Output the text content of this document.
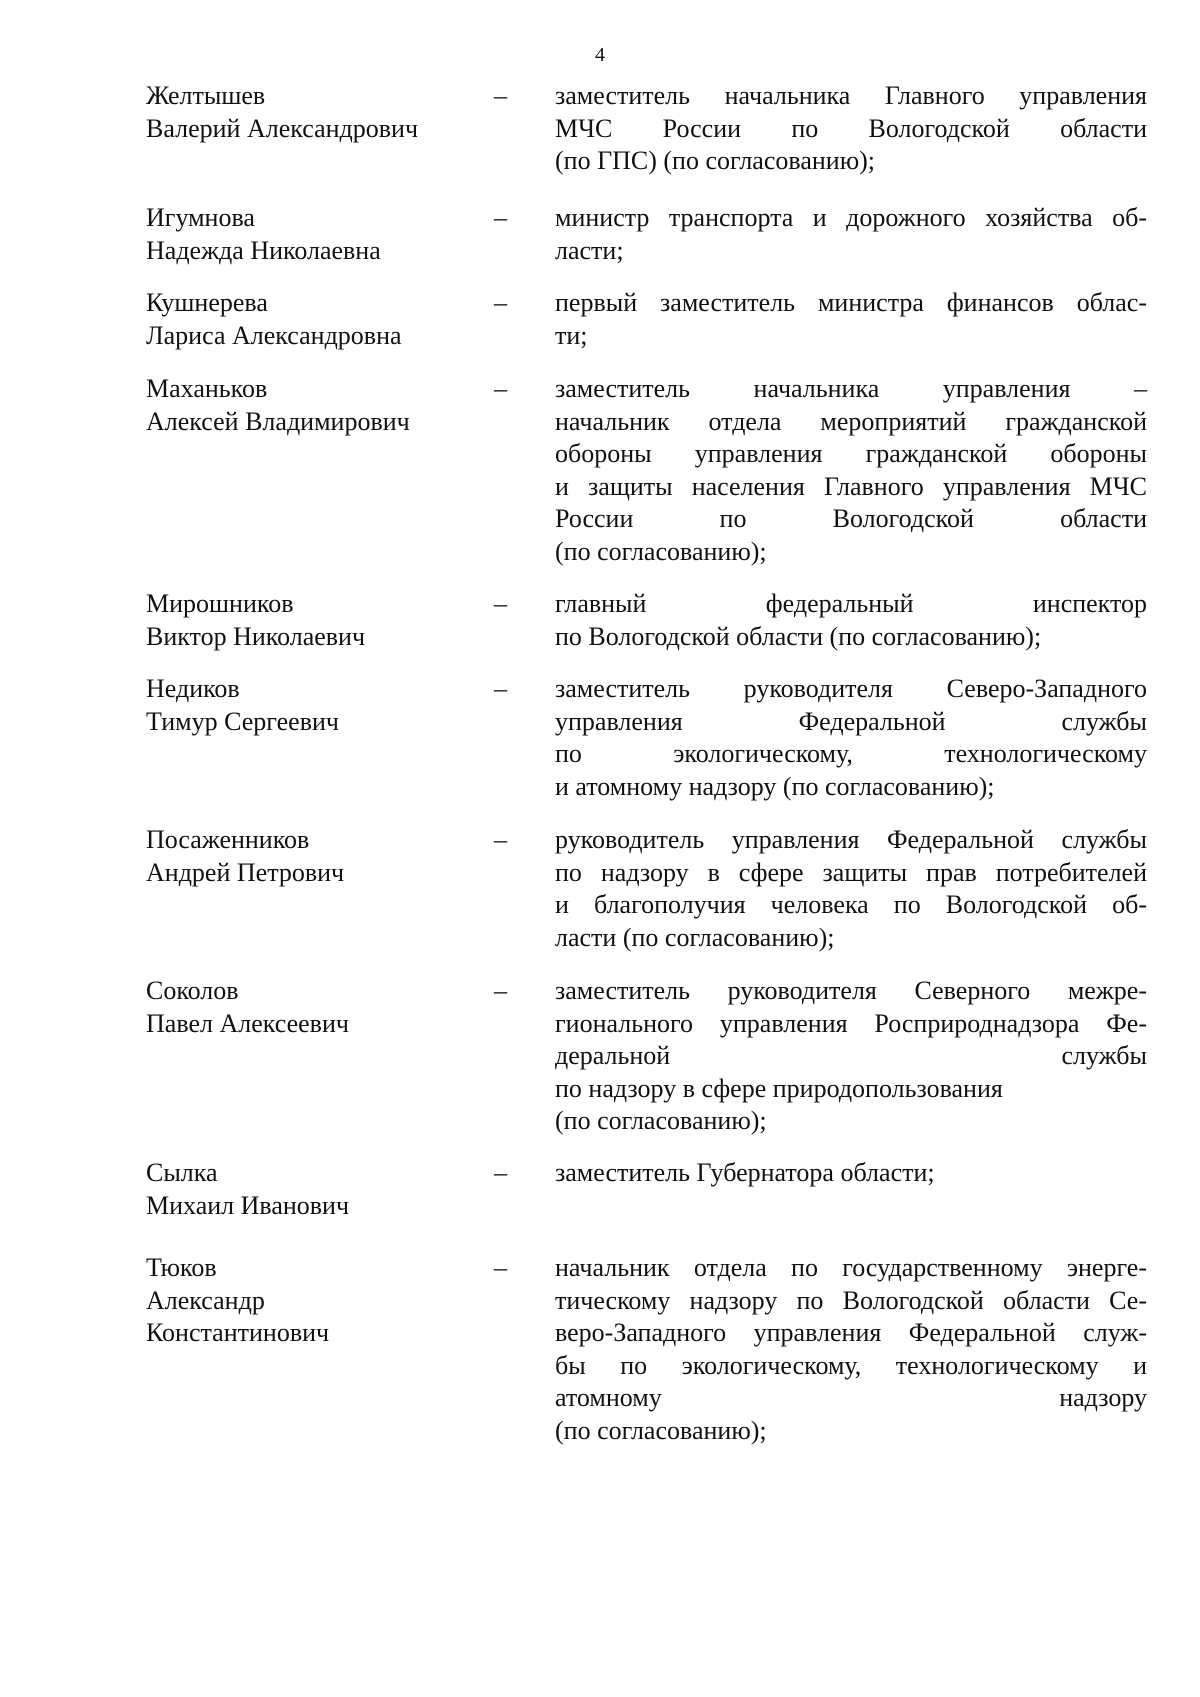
4
Желтышев
Валерий Александрович
– заместитель начальника Главного управления
МЧС России по Вологодской области
(по ГПС) (по согласованию);
Игумнова
Надежда Николаевна
– министр транспорта и дорожного хозяйства об-
ласти;
Кушнерева
Лариса Александровна
– первый заместитель министра финансов облас-
ти;
Маханьков
Алексей Владимирович
– заместитель начальника управления –
начальник отдела мероприятий гражданской
обороны управления гражданской обороны
и защиты населения Главного управления МЧС
России по Вологодской области
(по согласованию);
Мирошников
Виктор Николаевич
– главный федеральный инспектор
по Вологодской области (по согласованию);
Недиков
Тимур Сергеевич
– заместитель руководителя Северо-Западного
управления Федеральной службы
по экологическому, технологическому
и атомному надзору (по согласованию);
Посаженников
Андрей Петрович
– руководитель управления Федеральной службы
по надзору в сфере защиты прав потребителей
и благополучия человека по Вологодской об-
ласти (по согласованию);
Соколов
Павел Алексеевич
– заместитель руководителя Северного межре-
гионального управления Росприроднадзора Фе-
деральной службы
по надзору в сфере природопользования
(по согласованию);
Сылка
Михаил Иванович
– заместитель Губернатора области;
Тюков
Александр
Константинович
– начальник отдела по государственному энерге-
тическому надзору по Вологодской области Се-
веро-Западного управления Федеральной служ-
бы по экологическому, технологическому и
атомному надзору
(по согласованию);
